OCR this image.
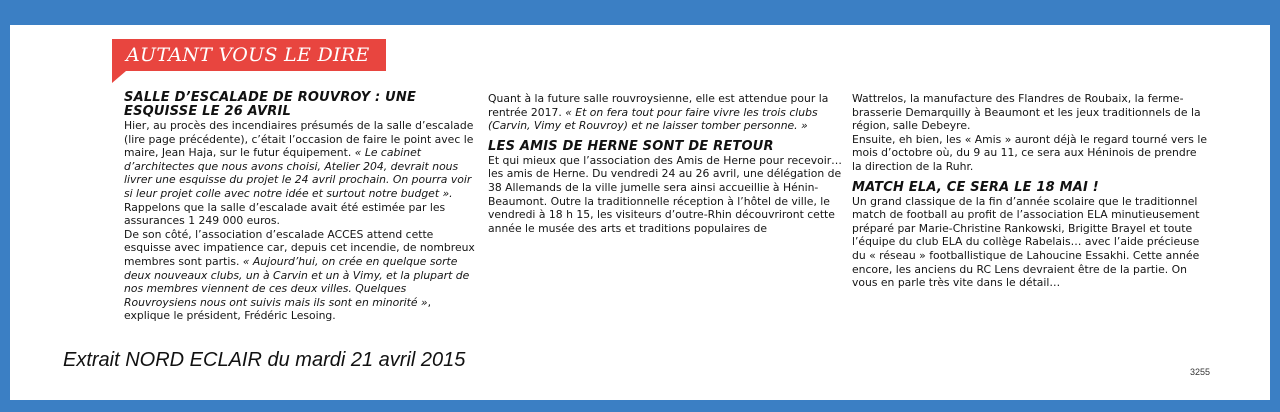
AUTANT VOUS LE DIRE
SALLE D’ESCALADE DE ROUVROY : UNE ESQUISSE LE 26 AVRIL

Hier, au procès des incendiaires présumés de la salle d’escalade (lire page précédente), c’était l’occasion de faire le point avec le maire, Jean Haja, sur le futur équipement. « Le cabinet d’architectes que nous avons choisi, Atelier 204, devrait nous livrer une esquisse du projet le 24 avril prochain. On pourra voir si leur projet colle avec notre idée et surtout notre budget ».

Rappelons que la salle d’escalade avait été estimée par les assurances 1 249 000 euros.

De son côté, l’association d’escalade ACCES attend cette esquisse avec impatience car, depuis cet incendie, de nombreux membres sont partis. « Aujourd’hui, on crée en quelque sorte deux nouveaux clubs, un à Carvin et un à Vimy, et la plupart de nos membres viennent de ces deux villes. Quelques Rouvroysiens nous ont suivis mais ils sont en minorité », explique le président, Frédéric Lesoing.

Quant à la future salle rouvroysienne, elle est attendue pour la rentrée 2017. « Et on fera tout pour faire vivre les trois clubs (Carvin, Vimy et Rouvroy) et ne laisser tomber personne. »

LES AMIS DE HERNE SONT DE RETOUR

Et qui mieux que l’association des Amis de Herne pour recevoir… les amis de Herne. Du vendredi 24 au 26 avril, une délégation de 38 Allemands de la ville jumelle sera ainsi accueillie à Hénin-Beaumont. Outre la traditionnelle réception à l’hôtel de ville, le vendredi à 18 h 15, les visiteurs d’outre-Rhin découvriront cette année le musée des arts et traditions populaires de

Wattrelos, la manufacture des Flandres de Roubaix, la ferme-brasserie Demarquilly à Beaumont et les jeux traditionnels de la région, salle Debeyre.

Ensuite, eh bien, les « Amis » auront déjà le regard tourné vers le mois d’octobre où, du 9 au 11, ce sera aux Héninois de prendre la direction de la Ruhr.

MATCH ELA, CE SERA LE 18 MAI !

Un grand classique de la fin d’année scolaire que le traditionnel match de football au profit de l’association ELA minutieusement préparé par Marie-Christine Rankowski, Brigitte Brayel et toute l’équipe du club ELA du collège Rabelais… avec l’aide précieuse du « réseau » footballistique de Lahoucine Essakhi. Cette année encore, les anciens du RC Lens devraient être de la partie. On vous en parle très vite dans le détail…

Extrait NORD ECLAIR du mardi 21 avril 2015
3255
